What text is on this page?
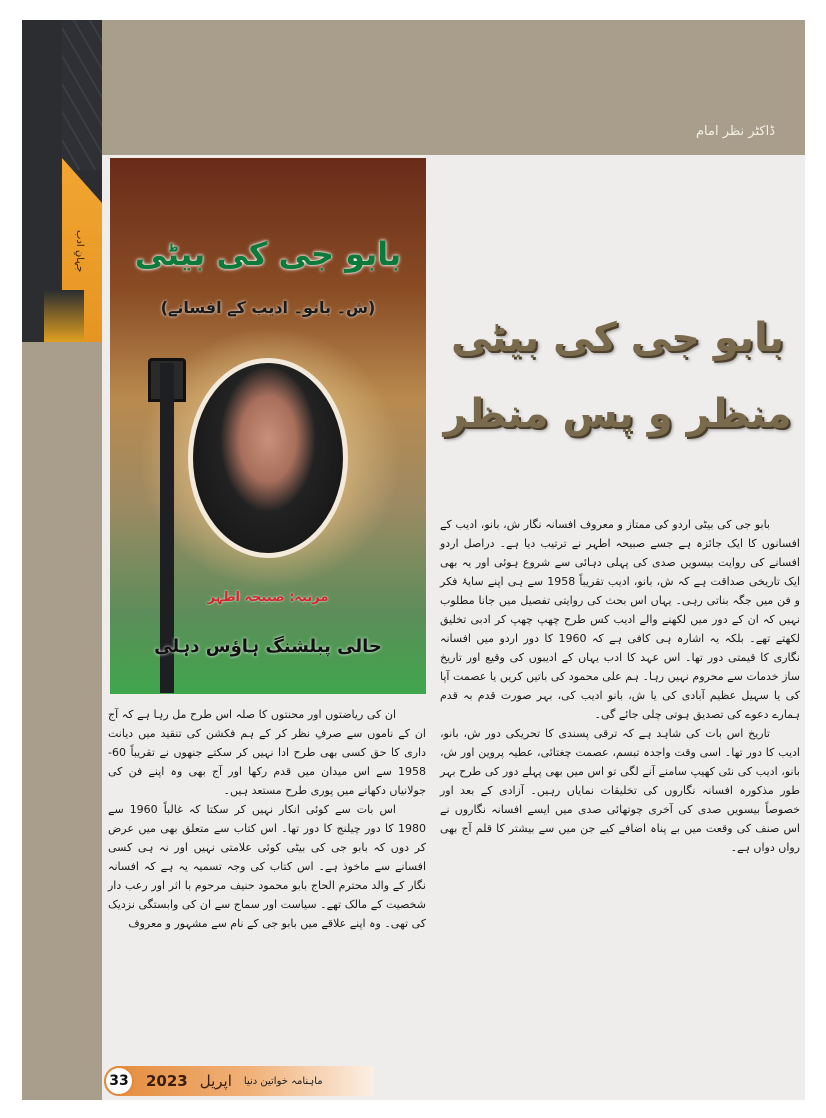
جہانِ ادب
ڈاکٹر نظر امام
بابو جی کی بیٹی
(ش۔ بانو۔ ادیب کے افسانے)
مرتبہ: صبیحہ اطہر
حالی پبلشنگ ہاؤس دہلی
بابو جی کی بیٹی
منظر و پس منظر

بابو جی کی بیٹی اردو کی ممتاز و معروف افسانہ نگار ش، بانو، ادیب کے افسانوں کا ایک جائزہ ہے جسے صبیحہ اطہر نے ترتیب دیا ہے۔ دراصل اردو افسانے کی روایت بیسویں صدی کی پہلی دہائی سے شروع ہوئی اور یہ بھی ایک تاریخی صداقت ہے کہ ش، بانو، ادیب تقریباً 1958 سے ہی اپنے سایۂ فکر و فن میں جگہ بناتی رہی۔ یہاں اس بحث کی روایتی تفصیل میں جانا مطلوب نہیں کہ ان کے دور میں لکھنے والے ادیب کس طرح چھپ چھپ کر ادبی تخلیق لکھتے تھے۔ بلکہ یہ اشارہ ہی کافی ہے کہ 1960 کا دور اردو میں افسانہ نگاری کا قیمتی دور تھا۔ اس عہد کا ادب یہاں کے ادیبوں کی وقیع اور تاریخ ساز خدمات سے محروم نہیں رہا۔ ہم علی محمود کی باتیں کریں یا عصمت آپا کی یا سہیل عظیم آبادی کی یا ش، بانو ادیب کی، بہر صورت قدم بہ قدم ہمارے دعوے کی تصدیق ہوتی چلی جائے گی۔

تاریخ اس بات کی شاہد ہے کہ ترقی پسندی کا تحریکی دور ش، بانو، ادیب کا دور تھا۔ اسی وقت واجدہ تبسم، عصمت چغتائی، عطیہ پروین اور ش، بانو، ادیب کی نئی کھیپ سامنے آنے لگی تو اس میں بھی پہلے دور کی طرح بہر طور مذکورہ افسانہ نگاروں کی تخلیقات نمایاں رہیں۔ آزادی کے بعد اور خصوصاً بیسویں صدی کی آخری چوتھائی صدی میں ایسے افسانہ نگاروں نے اس صنف کی وقعت میں بے پناہ اضافے کیے جن میں سے بیشتر کا قلم آج بھی رواں دواں ہے۔

ان کی ریاضتوں اور محنتوں کا صلہ اس طرح مل رہا ہے کہ آج ان کے ناموں سے صرفِ نظر کر کے ہم فکشن کی تنقید میں دیانت داری کا حق کسی بھی طرح ادا نہیں کر سکتے جنھوں نے تقریباً 60-1958 سے اس میدان میں قدم رکھا اور آج بھی وہ اپنے فن کی جولانیاں دکھانے میں پوری طرح مستعد ہیں۔

اس بات سے کوئی انکار نہیں کر سکتا کہ غالباً 1960 سے 1980 کا دور چیلنج کا دور تھا۔ اس کتاب سے متعلق بھی میں عرض کر دوں کہ بابو جی کی بیٹی کوئی علامتی نہیں اور نہ ہی کسی افسانے سے ماخوذ ہے۔ اس کتاب کی وجہ تسمیہ یہ ہے کہ افسانہ نگار کے والد محترم الحاج بابو محمود حنیف مرحوم با اثر اور رعب دار شخصیت کے مالک تھے۔ سیاست اور سماج سے ان کی وابستگی نزدیک کی تھی۔ وہ اپنے علاقے میں بابو جی کے نام سے مشہور و معروف

33	2023 اپریل ماہنامہ خواتین دنیا
